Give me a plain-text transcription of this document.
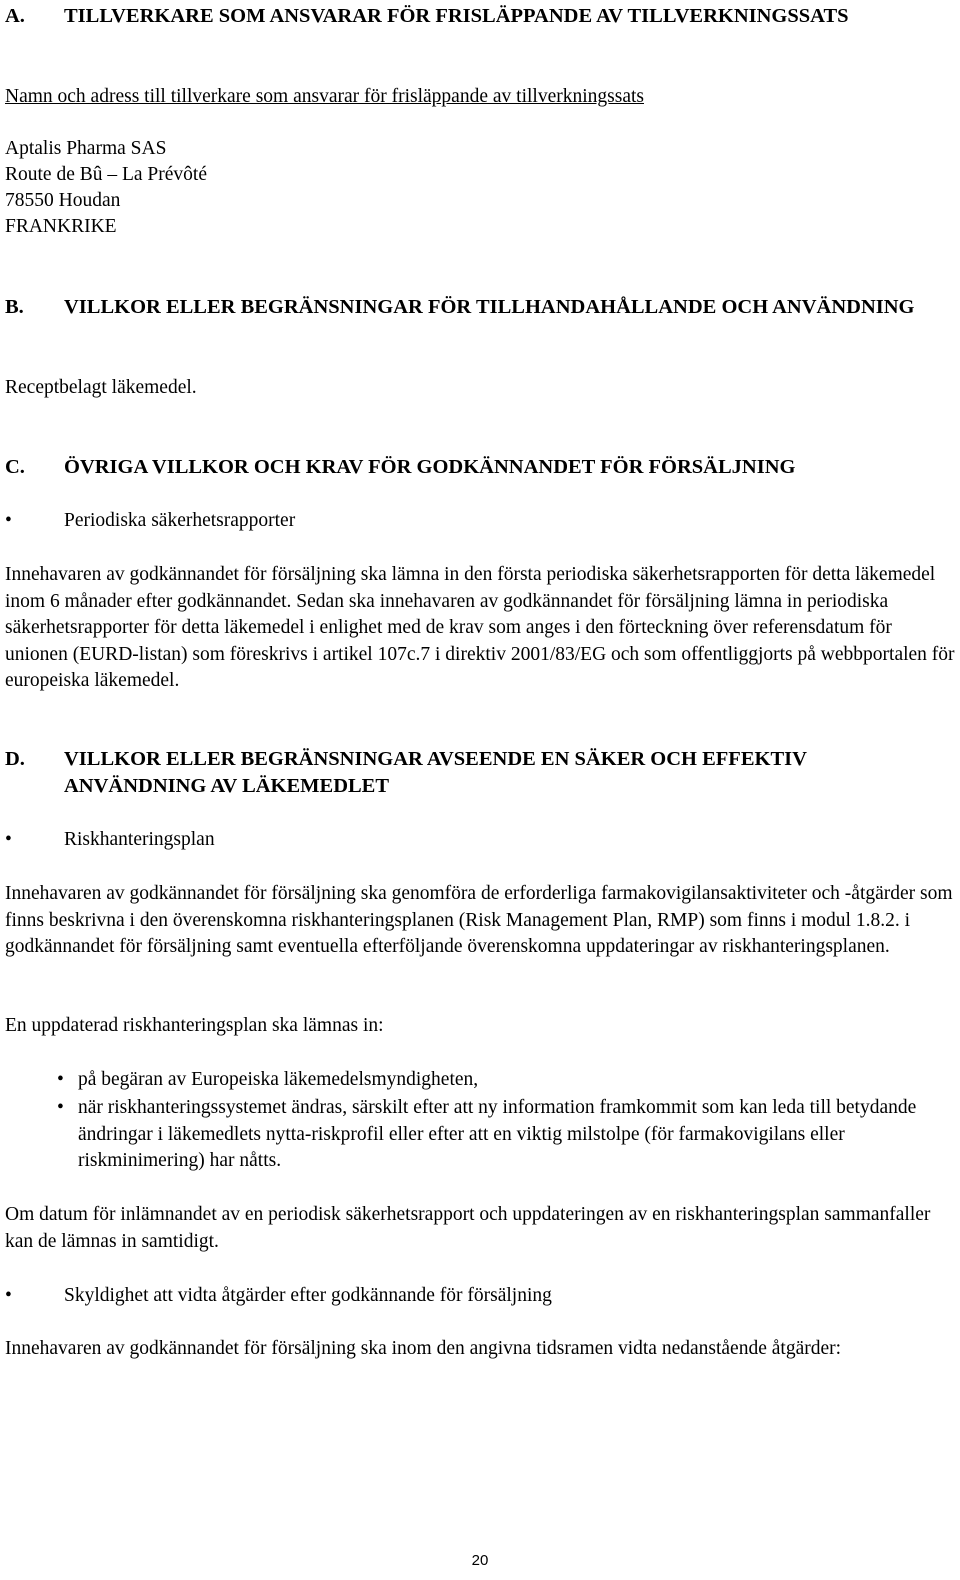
A. TILLVERKARE SOM ANSVARAR FÖR FRISLÄPPANDE AV TILLVERKNINGSSATS
Namn och adress till tillverkare som ansvarar för frisläppande av tillverkningssats
Aptalis Pharma SAS
Route de Bû – La Prévôté
78550 Houdan
FRANKRIKE
B. VILLKOR ELLER BEGRÄNSNINGAR FÖR TILLHANDAHÅLLANDE OCH ANVÄNDNING
Receptbelagt läkemedel.
C. ÖVRIGA VILLKOR OCH KRAV FÖR GODKÄNNANDET FÖR FÖRSÄLJNING
•	Periodiska säkerhetsrapporter
Innehavaren av godkännandet för försäljning ska lämna in den första periodiska säkerhetsrapporten för detta läkemedel inom 6 månader efter godkännandet. Sedan ska innehavaren av godkännandet för försäljning lämna in periodiska säkerhetsrapporter för detta läkemedel i enlighet med de krav som anges i den förteckning över referensdatum för unionen (EURD-listan) som föreskrivs i artikel 107c.7 i direktiv 2001/83/EG och som offentliggjorts på webbportalen för europeiska läkemedel.
D. VILLKOR ELLER BEGRÄNSNINGAR AVSEENDE EN SÄKER OCH EFFEKTIV ANVÄNDNING AV LÄKEMEDLET
•	Riskhanteringsplan
Innehavaren av godkännandet för försäljning ska genomföra de erforderliga farmakovigilansaktiviteter och -åtgärder som finns beskrivna i den överenskomna riskhanteringsplanen (Risk Management Plan, RMP) som finns i modul 1.8.2. i godkännandet för försäljning samt eventuella efterföljande överenskomna uppdateringar av riskhanteringsplanen.
En uppdaterad riskhanteringsplan ska lämnas in:
• på begäran av Europeiska läkemedelsmyndigheten,
• när riskhanteringssystemet ändras, särskilt efter att ny information framkommit som kan leda till betydande ändringar i läkemedlets nytta-riskprofil eller efter att en viktig milstolpe (för farmakovigilans eller riskminimering) har nåtts.
Om datum för inlämnandet av en periodisk säkerhetsrapport och uppdateringen av en riskhanteringsplan sammanfaller kan de lämnas in samtidigt.
•	Skyldighet att vidta åtgärder efter godkännande för försäljning
Innehavaren av godkännandet för försäljning ska inom den angivna tidsramen vidta nedanstående åtgärder:
20
